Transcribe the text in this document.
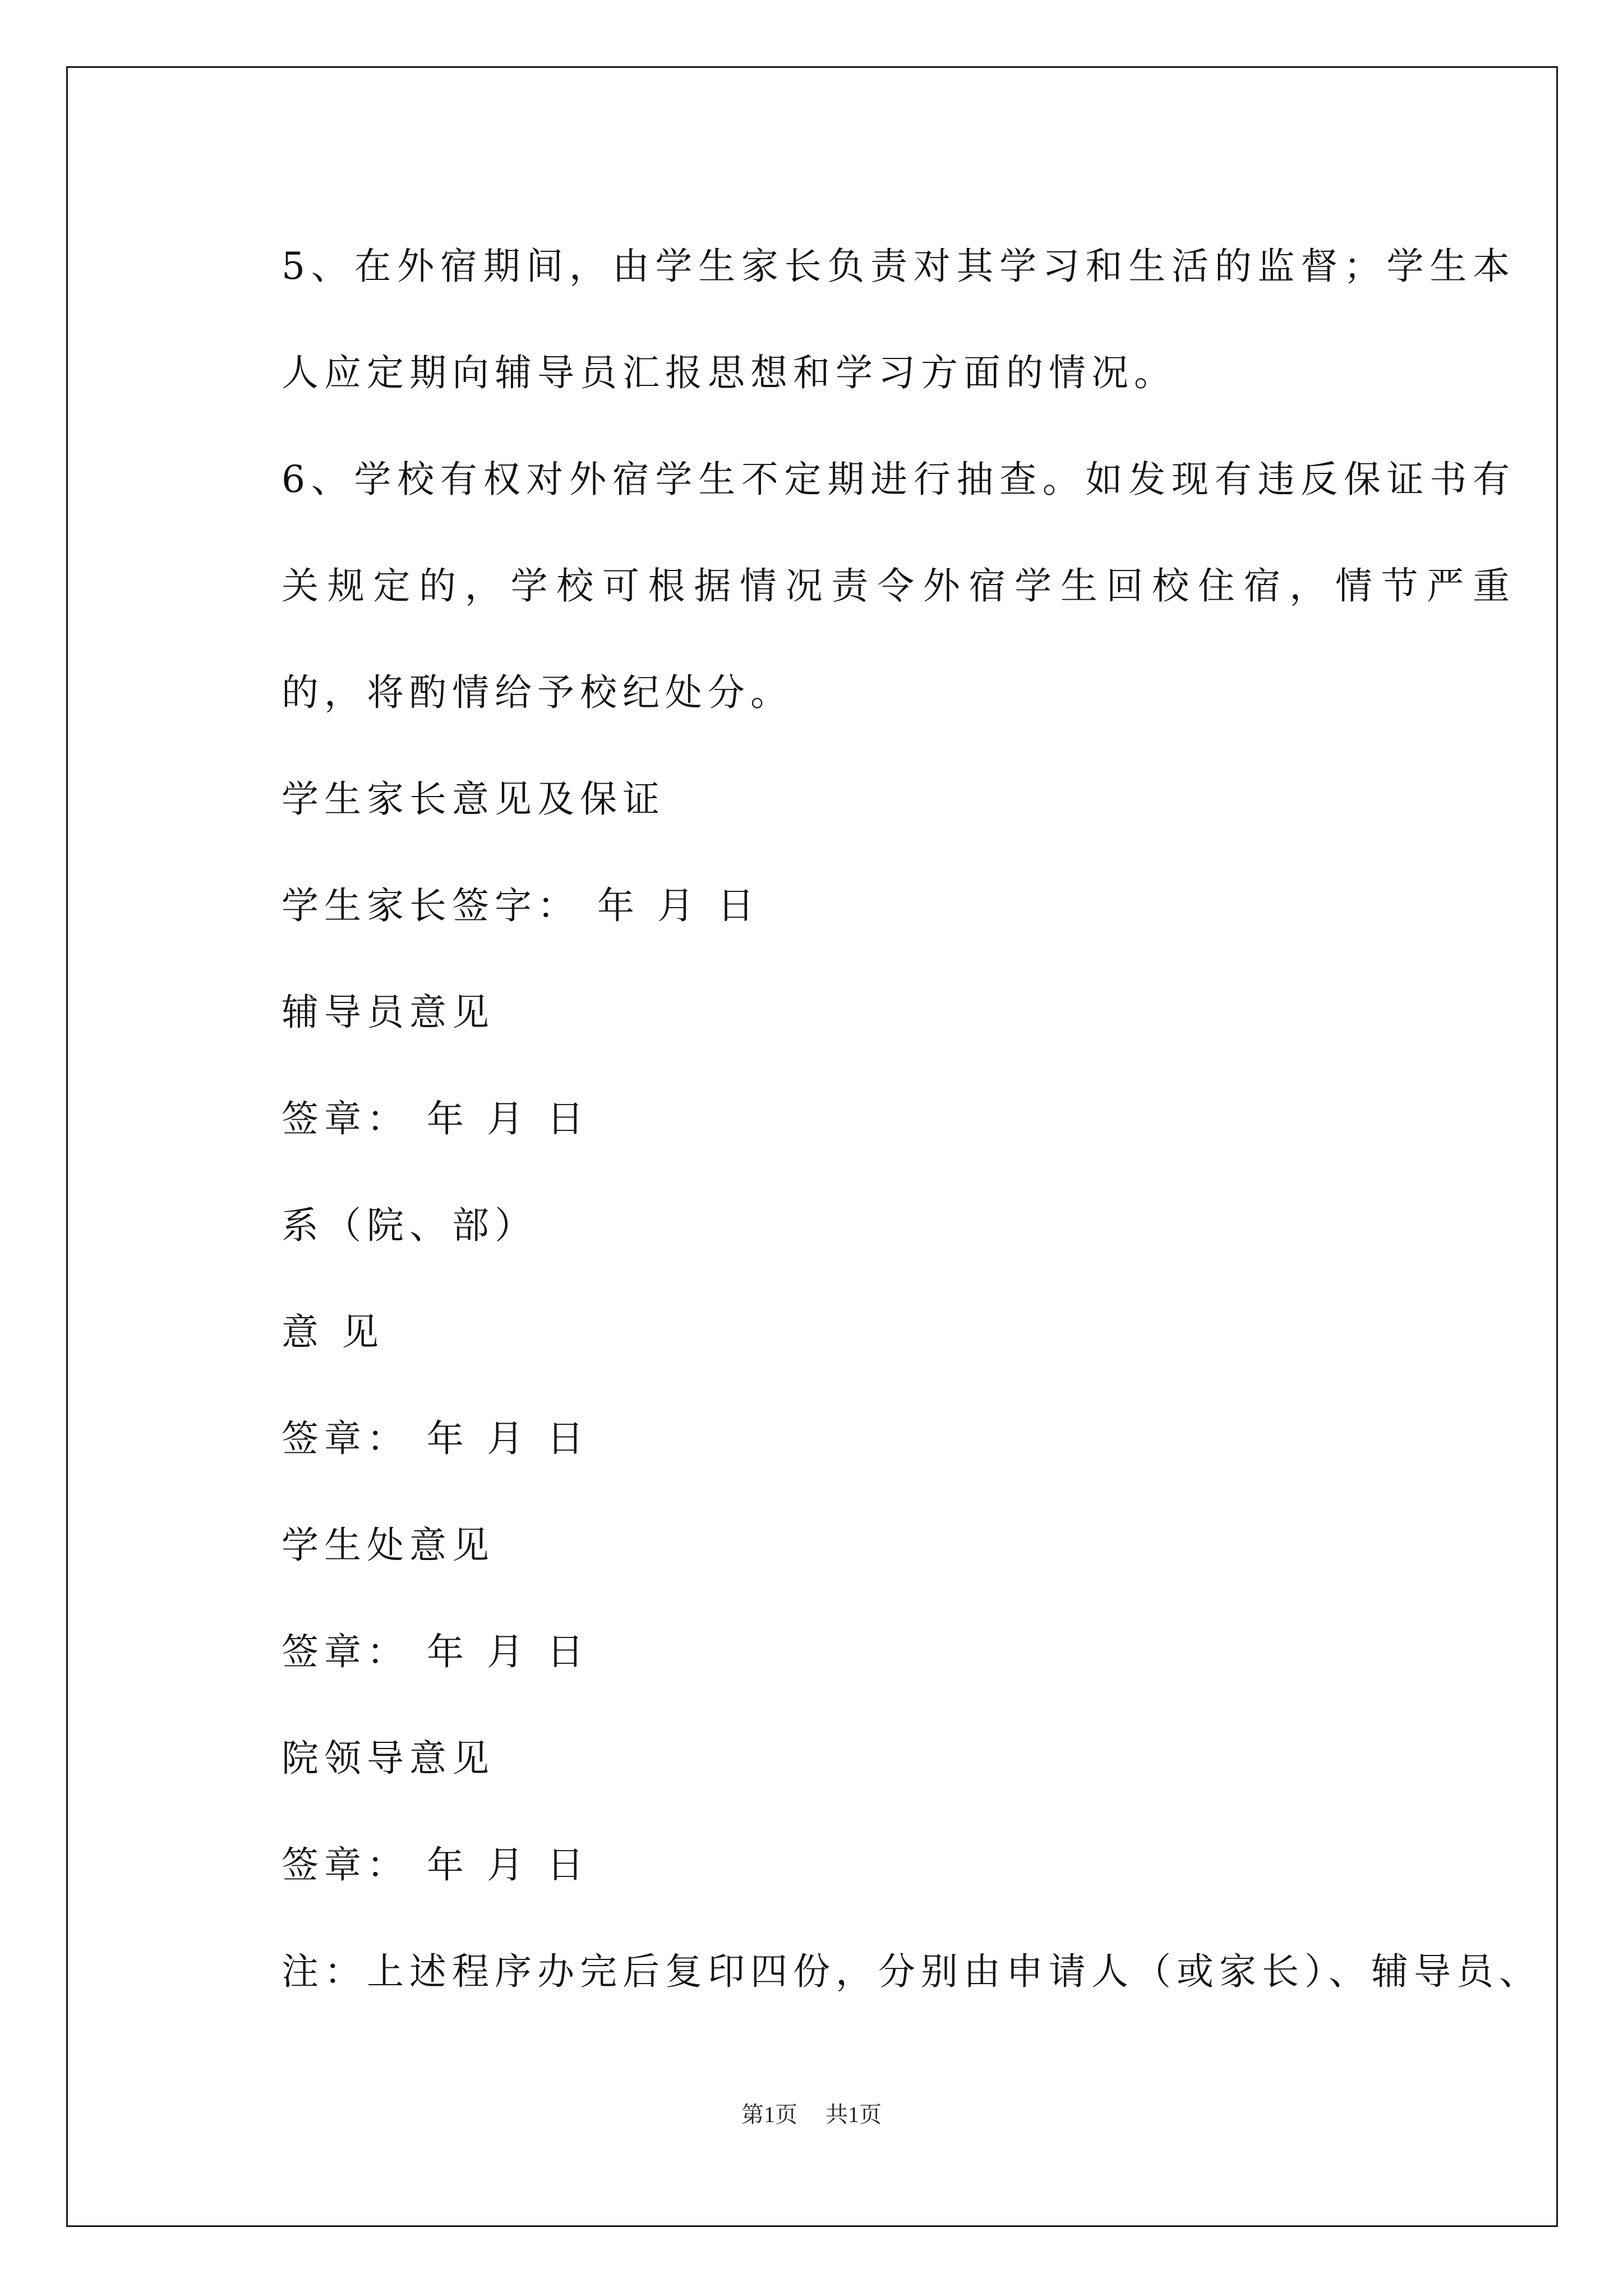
5、在外宿期间，由学生家长负责对其学习和生活的监督；学生本人应定期向辅导员汇报思想和学习方面的情况。

6、学校有权对外宿学生不定期进行抽查。如发现有违反保证书有关规定的，学校可根据情况责令外宿学生回校住宿，情节严重的，将酌情给予校纪处分。

学生家长意见及保证

学生家长签字： 年 月 日

辅导员意见

签章： 年 月 日

系（院、部）

意 见

签章： 年 月 日

学生处意见

签章： 年 月 日

院领导意见

签章： 年 月 日

注：上述程序办完后复印四份，分别由申请人（或家长）、辅导员、

第1页 共1页
